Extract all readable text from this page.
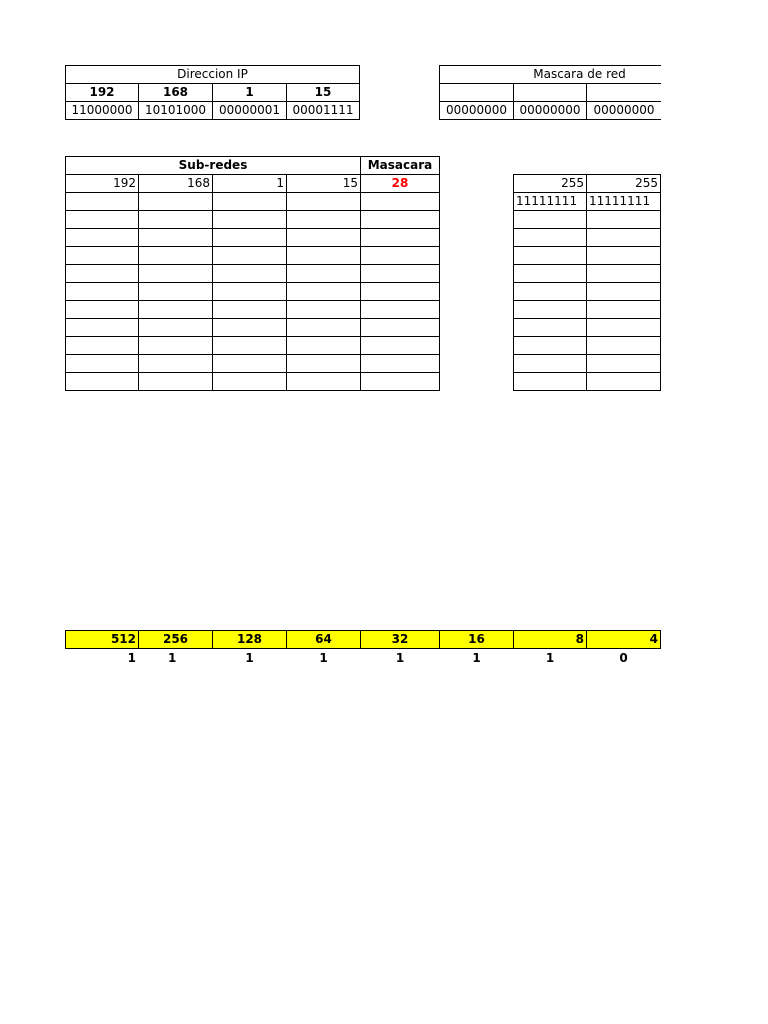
Direccion IP
192	168	1	15
11000000	10101000	00000001	00001111
Mascara de red
00000000	00000000	00000000
Sub-redes	Masacara
192	168	1	15	28	255	255
11111111 11111111
512	256	128	64	32	16	8	4
1	1	1	1	1	1	1	0
